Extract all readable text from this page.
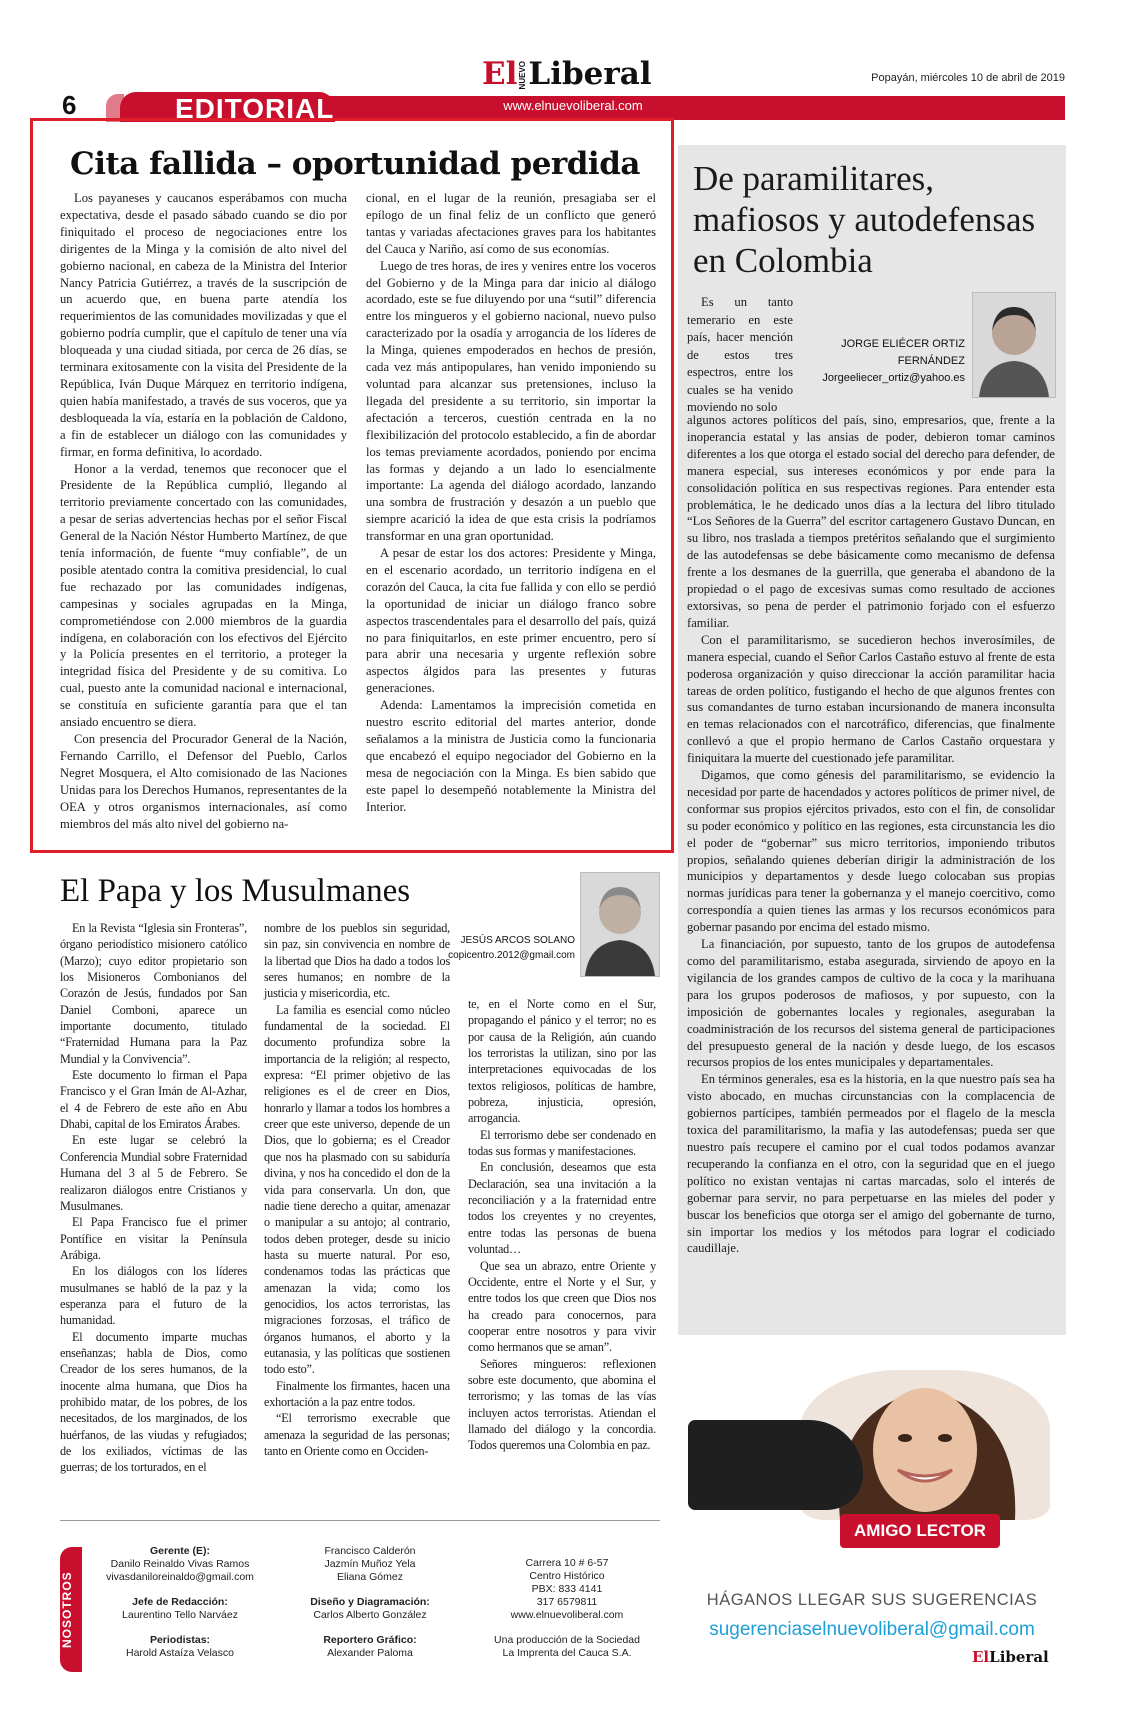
6	EDITORIAL
ElNUEVOLiberal
www.elnuevoliberal.com
Popayán, miércoles 10 de abril de 2019
Cita fallida – oportunidad perdida

Los payaneses y caucanos esperábamos con mucha expectativa, desde el pasado sábado cuando se dio por finiquitado el proceso de negociaciones entre los dirigentes de la Minga y la comisión de alto nivel del gobierno nacional, en cabeza de la Ministra del Interior Nancy Patricia Gutiérrez, a través de la suscripción de un acuerdo que, en buena parte atendía los requerimientos de las comunidades movilizadas y que el gobierno podría cumplir, que el capítulo de tener una vía bloqueada y una ciudad sitiada, por cerca de 26 días, se terminara exitosamente con la visita del Presidente de la República, Iván Duque Márquez en territorio indígena, quien había manifestado, a través de sus voceros, que ya desbloqueada la vía, estaría en la población de Caldono, a fin de establecer un diálogo con las comunidades y firmar, en forma definitiva, lo acordado.

Honor a la verdad, tenemos que reconocer que el Presidente de la República cumplió, llegando al territorio previamente concertado con las comunidades, a pesar de serias advertencias hechas por el señor Fiscal General de la Nación Néstor Humberto Martínez, de que tenía información, de fuente “muy confiable”, de un posible atentado contra la comitiva presidencial, lo cual fue rechazado por las comunidades indígenas, campesinas y sociales agrupadas en la Minga, comprometiéndose con 2.000 miembros de la guardia indígena, en colaboración con los efectivos del Ejército y la Policía presentes en el territorio, a proteger la integridad física del Presidente y de su comitiva. Lo cual, puesto ante la comunidad nacional e internacional, se constituía en suficiente garantía para que el tan ansiado encuentro se diera.

Con presencia del Procurador General de la Nación, Fernando Carrillo, el Defensor del Pueblo, Carlos Negret Mosquera, el Alto comisionado de las Naciones Unidas para los Derechos Humanos, representantes de la OEA y otros organismos internacionales, así como miembros del más alto nivel del gobierno na-

cional, en el lugar de la reunión, presagiaba ser el epílogo de un final feliz de un conflicto que generó tantas y variadas afectaciones graves para los habitantes del Cauca y Nariño, así como de sus economías.

Luego de tres horas, de ires y venires entre los voceros del Gobierno y de la Minga para dar inicio al diálogo acordado, este se fue diluyendo por una “sutil” diferencia entre los mingueros y el gobierno nacional, nuevo pulso caracterizado por la osadía y arrogancia de los líderes de la Minga, quienes empoderados en hechos de presión, cada vez más antipopulares, han venido imponiendo su voluntad para alcanzar sus pretensiones, incluso la llegada del presidente a su territorio, sin importar la afectación a terceros, cuestión centrada en la no flexibilización del protocolo establecido, a fin de abordar los temas previamente acordados, poniendo por encima las formas y dejando a un lado lo esencialmente importante: La agenda del diálogo acordado, lanzando una sombra de frustración y desazón a un pueblo que siempre acarició la idea de que esta crisis la podríamos transformar en una gran oportunidad.

A pesar de estar los dos actores: Presidente y Minga, en el escenario acordado, un territorio indígena en el corazón del Cauca, la cita fue fallida y con ello se perdió la oportunidad de iniciar un diálogo franco sobre aspectos trascendentales para el desarrollo del país, quizá no para finiquitarlos, en este primer encuentro, pero sí para abrir una necesaria y urgente reflexión sobre aspectos álgidos para las presentes y futuras generaciones.

Adenda: Lamentamos la imprecisión cometida en nuestro escrito editorial del martes anterior, donde señalamos a la ministra de Justicia como la funcionaria que encabezó el equipo negociador del Gobierno en la mesa de negociación con la Minga. Es bien sabido que este papel lo desempeñó notablemente la Ministra del Interior.

De paramilitares, mafiosos y autodefensas en Colombia

Es un tanto temerario en este país, hacer mención de estos tres espectros, entre los cuales se ha venido moviendo no solo

JORGE ELIÉCER ORTIZ FERNÁNDEZ
Jorgeeliecer_ortiz@yahoo.es

algunos actores políticos del país, sino, empresarios, que, frente a la inoperancia estatal y las ansias de poder, debieron tomar caminos diferentes a los que otorga el estado social del derecho para defender, de manera especial, sus intereses económicos y por ende para la consolidación política en sus respectivas regiones. Para entender esta problemática, le he dedicado unos días a la lectura del libro titulado “Los Señores de la Guerra” del escritor cartagenero Gustavo Duncan, en su libro, nos traslada a tiempos pretéritos señalando que el surgimiento de las autodefensas se debe básicamente como mecanismo de defensa frente a los desmanes de la guerrilla, que generaba el abandono de la propiedad o el pago de excesivas sumas como resultado de acciones extorsivas, so pena de perder el patrimonio forjado con el esfuerzo familiar.

Con el paramilitarismo, se sucedieron hechos inverosímiles, de manera especial, cuando el Señor Carlos Castaño estuvo al frente de esta poderosa organización y quiso direccionar la acción paramilitar hacia tareas de orden político, fustigando el hecho de que algunos frentes con sus comandantes de turno estaban incursionando de manera inconsulta en temas relacionados con el narcotráfico, diferencias, que finalmente conllevó a que el propio hermano de Carlos Castaño orquestara y finiquitara la muerte del cuestionado jefe paramilitar.

Digamos, que como génesis del paramilitarismo, se evidencio la necesidad por parte de hacendados y actores políticos de primer nivel, de conformar sus propios ejércitos privados, esto con el fin, de consolidar su poder económico y político en las regiones, esta circunstancia les dio el poder de “gobernar” sus micro territorios, imponiendo tributos propios, señalando quienes deberían dirigir la administración de los municipios y departamentos y desde luego colocaban sus propias normas jurídicas para tener la gobernanza y el manejo coercitivo, como correspondía a quien tienes las armas y los recursos económicos para gobernar pasando por encima del estado mismo.

La financiación, por supuesto, tanto de los grupos de autodefensa como del paramilitarismo, estaba asegurada, sirviendo de apoyo en la vigilancia de los grandes campos de cultivo de la coca y la marihuana para los grupos poderosos de mafiosos, y por supuesto, con la imposición de gobernantes locales y regionales, aseguraban la coadministración de los recursos del sistema general de participaciones del presupuesto general de la nación y desde luego, de los escasos recursos propios de los entes municipales y departamentales.

En términos generales, esa es la historia, en la que nuestro país sea ha visto abocado, en muchas circunstancias con la complacencia de gobiernos partícipes, también permeados por el flagelo de la mescla toxica del paramilitarismo, la mafia y las autodefensas; pueda ser que nuestro país recupere el camino por el cual todos podamos avanzar recuperando la confianza en el otro, con la seguridad que en el juego político no existan ventajas ni cartas marcadas, solo el interés de gobernar para servir, no para perpetuarse en las mieles del poder y buscar los beneficios que otorga ser el amigo del gobernante de turno, sin importar los medios y los métodos para lograr el codiciado caudillaje.

El Papa y los Musulmanes
JESÚS ARCOS SOLANO
copicentro.2012@gmail.com

En la Revista “Iglesia sin Fronteras”, órgano periodístico misionero católico (Marzo); cuyo editor propietario son los Misioneros Combonianos del Corazón de Jesús, fundados por San Daniel Comboni, aparece un importante documento, titulado “Fraternidad Humana para la Paz Mundial y la Convivencia”.

Este documento lo firman el Papa Francisco y el Gran Imán de Al-Azhar, el 4 de Febrero de este año en Abu Dhabi, capital de los Emiratos Árabes.

En este lugar se celebró la Conferencia Mundial sobre Fraternidad Humana del 3 al 5 de Febrero. Se realizaron diálogos entre Cristianos y Musulmanes.

El Papa Francisco fue el primer Pontífice en visitar la Península Arábiga.

En los diálogos con los líderes musulmanes se habló de la paz y la esperanza para el futuro de la humanidad.

El documento imparte muchas enseñanzas; habla de Dios, como Creador de los seres humanos, de la inocente alma humana, que Dios ha prohibido matar, de los pobres, de los necesitados, de los marginados, de los huérfanos, de las viudas y refugiados; de los exiliados, víctimas de las guerras; de los torturados, en el

nombre de los pueblos sin seguridad, sin paz, sin convivencia en nombre de la libertad que Dios ha dado a todos los seres humanos; en nombre de la justicia y misericordia, etc.

La familia es esencial como núcleo fundamental de la sociedad. El documento profundiza sobre la importancia de la religión; al respecto, expresa: “El primer objetivo de las religiones es el de creer en Dios, honrarlo y llamar a todos los hombres a creer que este universo, depende de un Dios, que lo gobierna; es el Creador que nos ha plasmado con su sabiduría divina, y nos ha concedido el don de la vida para conservarla. Un don, que nadie tiene derecho a quitar, amenazar o manipular a su antojo; al contrario, todos deben proteger, desde su inicio hasta su muerte natural. Por eso, condenamos todas las prácticas que amenazan la vida; como los genocidios, los actos terroristas, las migraciones forzosas, el tráfico de órganos humanos, el aborto y la eutanasia, y las políticas que sostienen todo esto”.

Finalmente los firmantes, hacen una exhortación a la paz entre todos.

“El terrorismo execrable que amenaza la seguridad de las personas; tanto en Oriente como en Occiden-

te, en el Norte como en el Sur, propagando el pánico y el terror; no es por causa de la Religión, aún cuando los terroristas la utilizan, sino por las interpretaciones equivocadas de los textos religiosos, políticas de hambre, pobreza, injusticia, opresión, arrogancia.

El terrorismo debe ser condenado en todas sus formas y manifestaciones.

En conclusión, deseamos que esta Declaración, sea una invitación a la reconciliación y a la fraternidad entre todos los creyentes y no creyentes, entre todas las personas de buena voluntad…

Que sea un abrazo, entre Oriente y Occidente, entre el Norte y el Sur, y entre todos los que creen que Dios nos ha creado para conocernos, para cooperar entre nosotros y para vivir como hermanos que se aman”.

Señores mingueros: reflexionen sobre este documento, que abomina el terrorismo; y las tomas de las vías incluyen actos terroristas. Atiendan el llamado del diálogo y la concordia. Todos queremos una Colombia en paz.

AMIGO LECTOR
HÁGANOS LLEGAR SUS SUGERENCIAS
sugerenciaselnuevoliberal@gmail.com
ElLiberal
NOSOTROS
Gerente (E):
Danilo Reinaldo Vivas Ramos
vivasdaniloreinaldo@gmail.com
Jefe de Redacción:
Laurentino Tello Narváez
Periodistas:
Harold Astaíza Velasco
Francisco Calderón
Jazmín Muñoz Yela
Eliana Gómez
Diseño y Diagramación:
Carlos Alberto González
Reportero Gráfico:
Alexander Paloma
Carrera 10 # 6-57
Centro Histórico
PBX: 833 4141
317 6579811
www.elnuevoliberal.com
Una producción de la Sociedad
La Imprenta del Cauca S.A.
